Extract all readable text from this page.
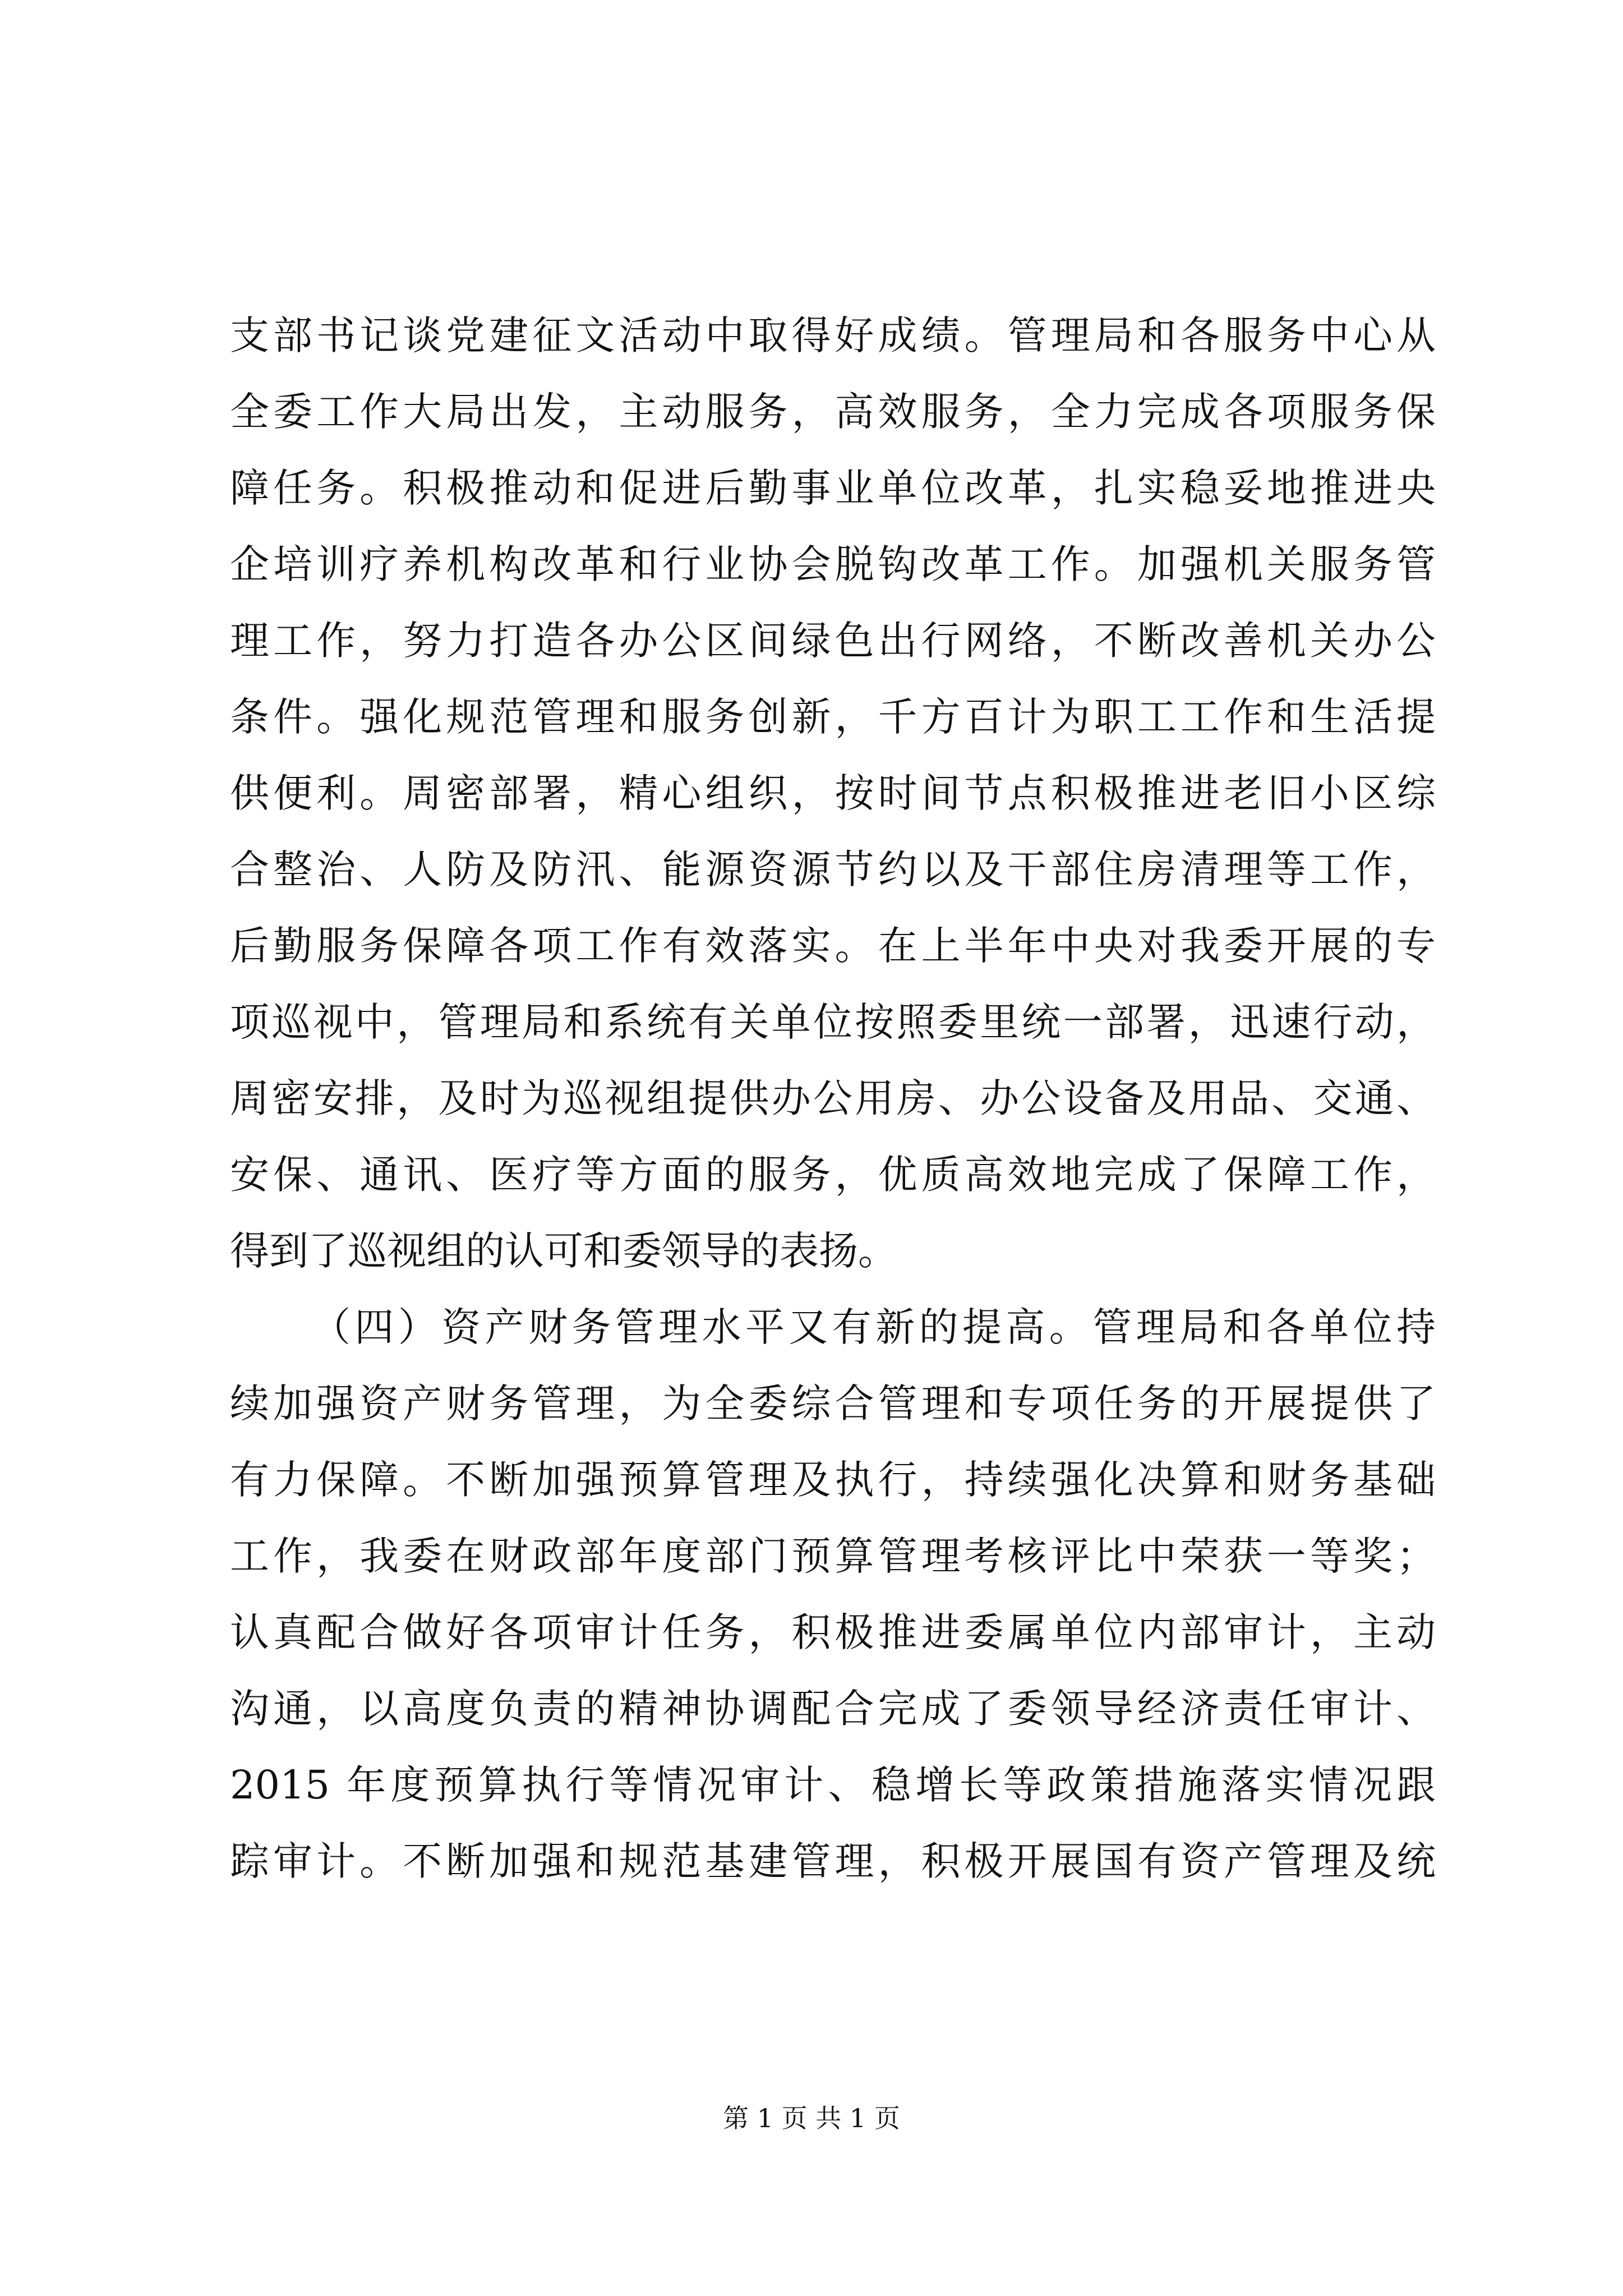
支部书记谈党建征文活动中取得好成绩。管理局和各服务中心从
全委工作大局出发，主动服务，高效服务，全力完成各项服务保
障任务。积极推动和促进后勤事业单位改革，扎实稳妥地推进央
企培训疗养机构改革和行业协会脱钩改革工作。加强机关服务管
理工作，努力打造各办公区间绿色出行网络，不断改善机关办公
条件。强化规范管理和服务创新，千方百计为职工工作和生活提
供便利。周密部署，精心组织，按时间节点积极推进老旧小区综
合整治、人防及防汛、能源资源节约以及干部住房清理等工作，
后勤服务保障各项工作有效落实。在上半年中央对我委开展的专
项巡视中，管理局和系统有关单位按照委里统一部署，迅速行动，
周密安排，及时为巡视组提供办公用房、办公设备及用品、交通、
安保、通讯、医疗等方面的服务，优质高效地完成了保障工作，
得到了巡视组的认可和委领导的表扬。
（四）资产财务管理水平又有新的提高。管理局和各单位持
续加强资产财务管理，为全委综合管理和专项任务的开展提供了
有力保障。不断加强预算管理及执行，持续强化决算和财务基础
工作，我委在财政部年度部门预算管理考核评比中荣获一等奖；
认真配合做好各项审计任务，积极推进委属单位内部审计，主动
沟通，以高度负责的精神协调配合完成了委领导经济责任审计、
2015 年度预算执行等情况审计、稳增长等政策措施落实情况跟
踪审计。不断加强和规范基建管理，积极开展国有资产管理及统
第 1 页 共 1 页
